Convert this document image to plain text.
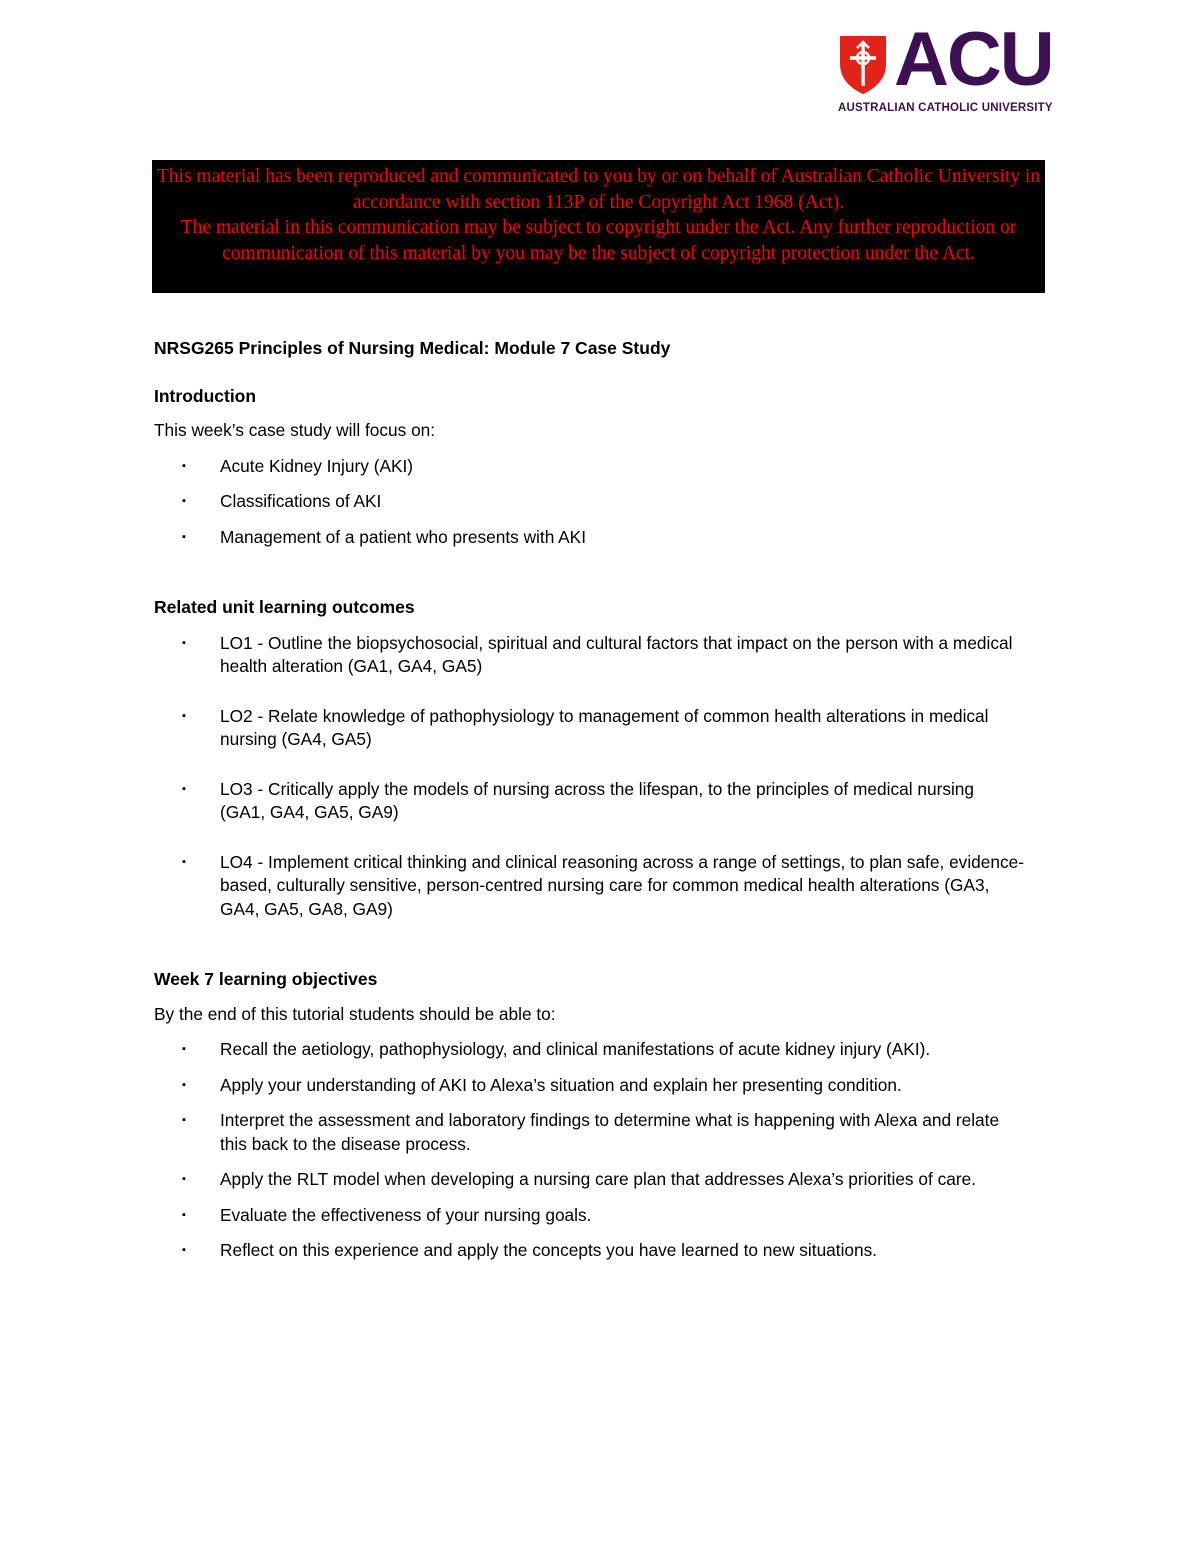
ACU
AUSTRALIAN CATHOLIC UNIVERSITY

This material has been reproduced and communicated to you by or on behalf of Australian Catholic University in accordance with section 113P of the Copyright Act 1968 (Act).

The material in this communication may be subject to copyright under the Act. Any further reproduction or communication of this material by you may be the subject of copyright protection under the Act.

NRSG265 Principles of Nursing Medical: Module 7 Case Study
Introduction

This week’s case study will focus on:

▪ Acute Kidney Injury (AKI)
▪ Classifications of AKI
▪ Management of a patient who presents with AKI
Related unit learning outcomes
▪ LO1 - Outline the biopsychosocial, spiritual and cultural factors that impact on the person with a medical health alteration (GA1, GA4, GA5)
▪ LO2 - Relate knowledge of pathophysiology to management of common health alterations in medical nursing (GA4, GA5)
▪ LO3 - Critically apply the models of nursing across the lifespan, to the principles of medical nursing
(GA1, GA4, GA5, GA9)
▪ LO4 - Implement critical thinking and clinical reasoning across a range of settings, to plan safe, evidence-based, culturally sensitive, person-centred nursing care for common medical health alterations (GA3, GA4, GA5, GA8, GA9)
Week 7 learning objectives

By the end of this tutorial students should be able to:

▪ Recall the aetiology, pathophysiology, and clinical manifestations of acute kidney injury (AKI).
▪ Apply your understanding of AKI to Alexa’s situation and explain her presenting condition.
▪ Interpret the assessment and laboratory findings to determine what is happening with Alexa and relate this back to the disease process.
▪ Apply the RLT model when developing a nursing care plan that addresses Alexa’s priorities of care.
▪ Evaluate the effectiveness of your nursing goals.
▪ Reflect on this experience and apply the concepts you have learned to new situations.
